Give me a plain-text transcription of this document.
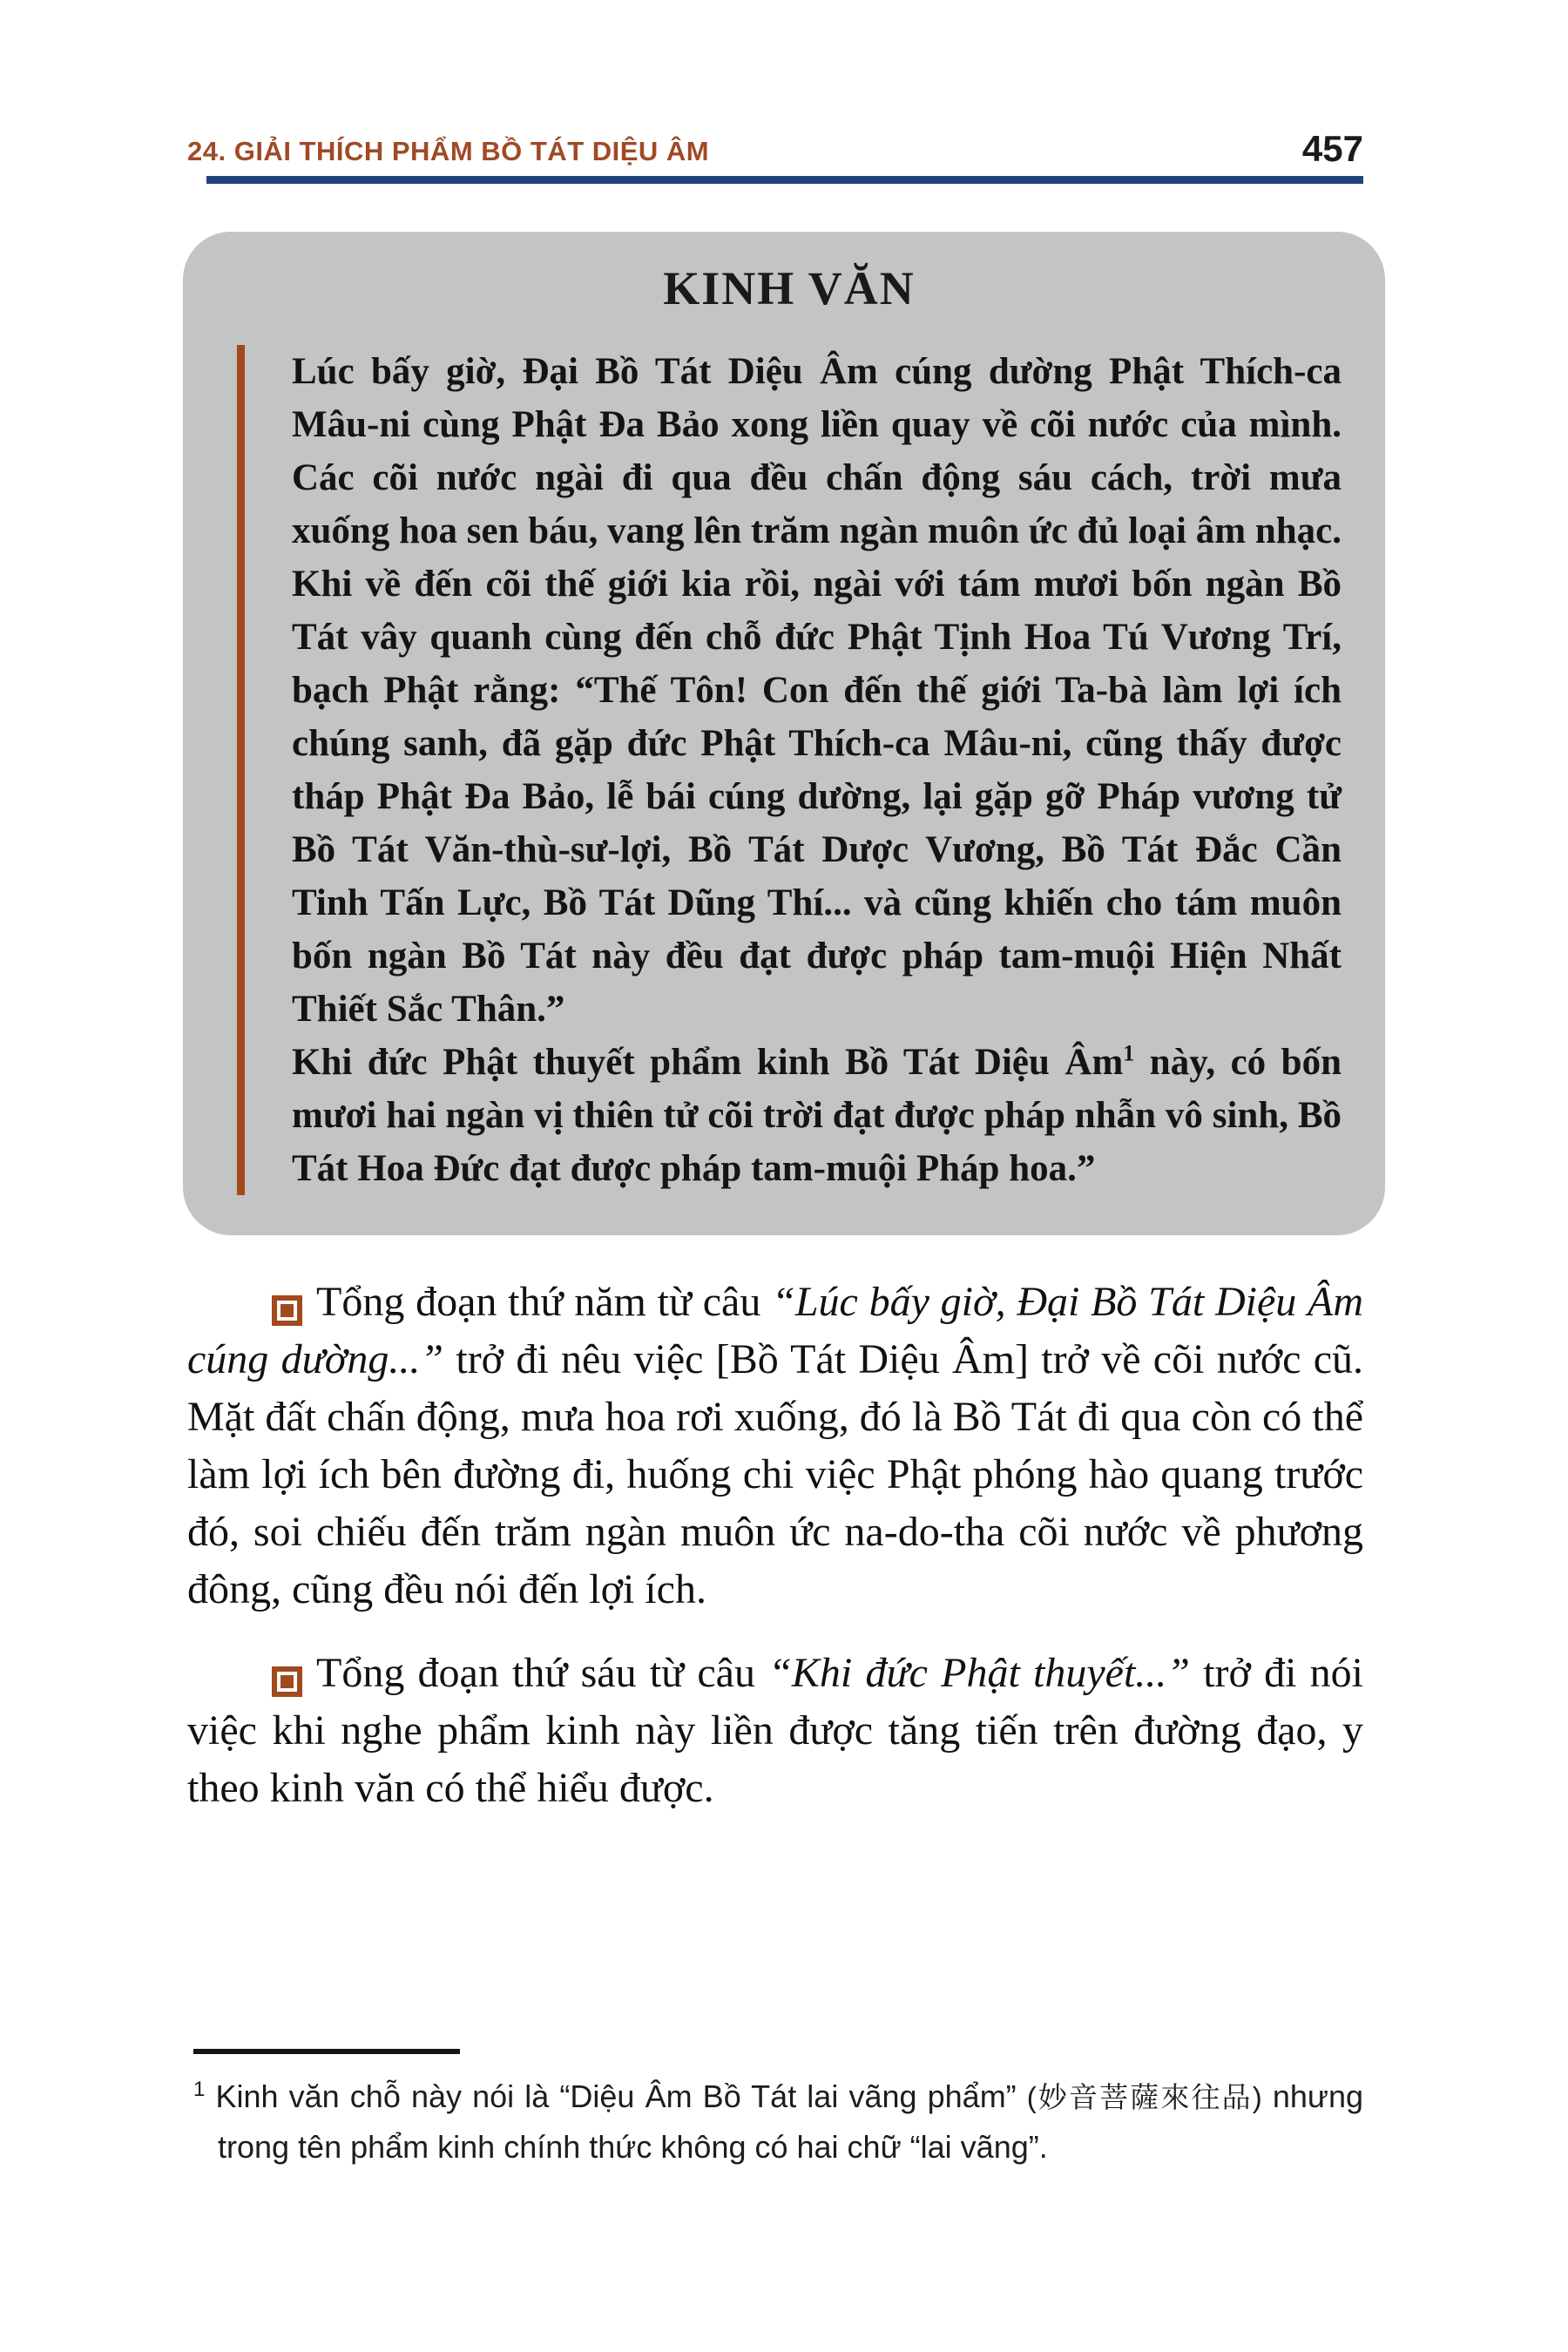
24. GIẢI THÍCH PHẨM BỒ TÁT DIỆU ÂM	457
KINH VĂN

Lúc bấy giờ, Đại Bồ Tát Diệu Âm cúng dường Phật Thích-ca Mâu-ni cùng Phật Đa Bảo xong liền quay về cõi nước của mình. Các cõi nước ngài đi qua đều chấn động sáu cách, trời mưa xuống hoa sen báu, vang lên trăm ngàn muôn ức đủ loại âm nhạc. Khi về đến cõi thế giới kia rồi, ngài với tám mươi bốn ngàn Bồ Tát vây quanh cùng đến chỗ đức Phật Tịnh Hoa Tú Vương Trí, bạch Phật rằng: “Thế Tôn! Con đến thế giới Ta-bà làm lợi ích chúng sanh, đã gặp đức Phật Thích-ca Mâu-ni, cũng thấy được tháp Phật Đa Bảo, lễ bái cúng dường, lại gặp gỡ Pháp vương tử Bồ Tát Văn-thù-sư-lợi, Bồ Tát Dược Vương, Bồ Tát Đắc Cần Tinh Tấn Lực, Bồ Tát Dũng Thí... và cũng khiến cho tám muôn bốn ngàn Bồ Tát này đều đạt được pháp tam-muội Hiện Nhất Thiết Sắc Thân.”

Khi đức Phật thuyết phẩm kinh Bồ Tát Diệu $Âm^1$ này, có bốn mươi hai ngàn vị thiên tử cõi trời đạt được pháp nhẫn vô sinh, Bồ Tát Hoa Đức đạt được pháp tam-muội Pháp hoa.”

Tổng đoạn thứ năm từ câu “Lúc bấy giờ, Đại Bồ Tát Diệu Âm cúng dường...” trở đi nêu việc [Bồ Tát Diệu Âm] trở về cõi nước cũ. Mặt đất chấn động, mưa hoa rơi xuống, đó là Bồ Tát đi qua còn có thể làm lợi ích bên đường đi, huống chi việc Phật phóng hào quang trước đó, soi chiếu đến trăm ngàn muôn ức na-do-tha cõi nước về phương đông, cũng đều nói đến lợi ích.

Tổng đoạn thứ sáu từ câu “Khi đức Phật thuyết...” trở đi nói việc khi nghe phẩm kinh này liền được tăng tiến trên đường đạo, y theo kinh văn có thể hiểu được.

$^1$ Kinh văn chỗ này nói là “Diệu Âm Bồ Tát lai vãng phẩm” (妙音菩薩來往品) nhưng trong tên phẩm kinh chính thức không có hai chữ “lai vãng”.
